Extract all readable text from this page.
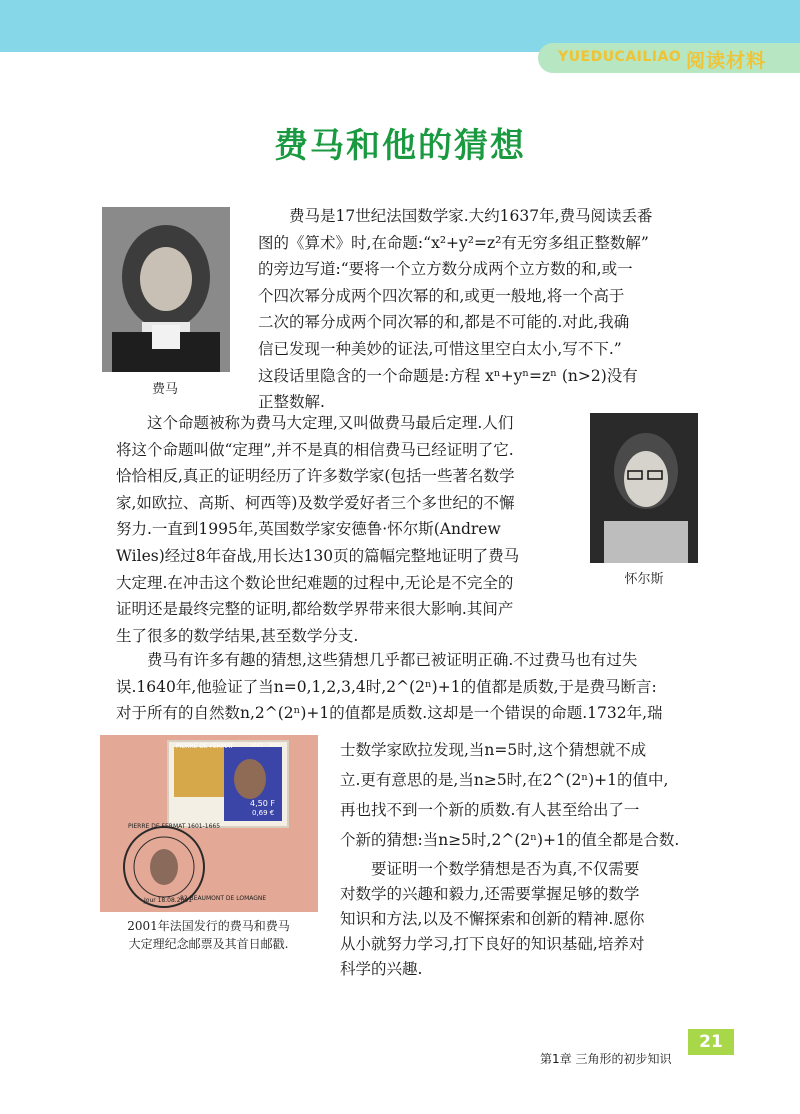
YUEDUCAILIAO 阅读材料
费马和他的猜想
费马
怀尔斯
PIERRE DE FERMAT	1601 - 1665
4,50 F
0,69 €
PIERRE DE FERMAT 1601-1665
Jour 18.08.2001
82 BEAUMONT DE LOMAGNE
2001年法国发行的费马和费马
大定理纪念邮票及其首日邮戳.

费马是17世纪法国数学家.大约1637年,费马阅读丢番

图的《算术》时,在命题:“x²+y²=z²有无穷多组正整数解”

的旁边写道:“要将一个立方数分成两个立方数的和,或一

个四次幂分成两个四次幂的和,或更一般地,将一个高于

二次的幂分成两个同次幂的和,都是不可能的.对此,我确

信已发现一种美妙的证法,可惜这里空白太小,写不下.”

这段话里隐含的一个命题是:方程 xⁿ+yⁿ=zⁿ (n>2)没有

正整数解.

这个命题被称为费马大定理,又叫做费马最后定理.人们

将这个命题叫做“定理”,并不是真的相信费马已经证明了它.

恰恰相反,真正的证明经历了许多数学家(包括一些著名数学

家,如欧拉、高斯、柯西等)及数学爱好者三个多世纪的不懈

努力.一直到1995年,英国数学家安德鲁·怀尔斯(Andrew

Wiles)经过8年奋战,用长达130页的篇幅完整地证明了费马

大定理.在冲击这个数论世纪难题的过程中,无论是不完全的

证明还是最终完整的证明,都给数学界带来很大影响.其间产

生了很多的数学结果,甚至数学分支.

费马有许多有趣的猜想,这些猜想几乎都已被证明正确.不过费马也有过失

误.1640年,他验证了当n=0,1,2,3,4时,2^(2ⁿ)+1的值都是质数,于是费马断言:

对于所有的自然数n,2^(2ⁿ)+1的值都是质数.这却是一个错误的命题.1732年,瑞

士数学家欧拉发现,当n=5时,这个猜想就不成

立.更有意思的是,当n≥5时,在2^(2ⁿ)+1的值中,

再也找不到一个新的质数.有人甚至给出了一

个新的猜想:当n≥5时,2^(2ⁿ)+1的值全都是合数.

要证明一个数学猜想是否为真,不仅需要

对数学的兴趣和毅力,还需要掌握足够的数学

知识和方法,以及不懈探索和创新的精神.愿你

从小就努力学习,打下良好的知识基础,培养对

科学的兴趣.

第1章 三角形的初步知识
21
